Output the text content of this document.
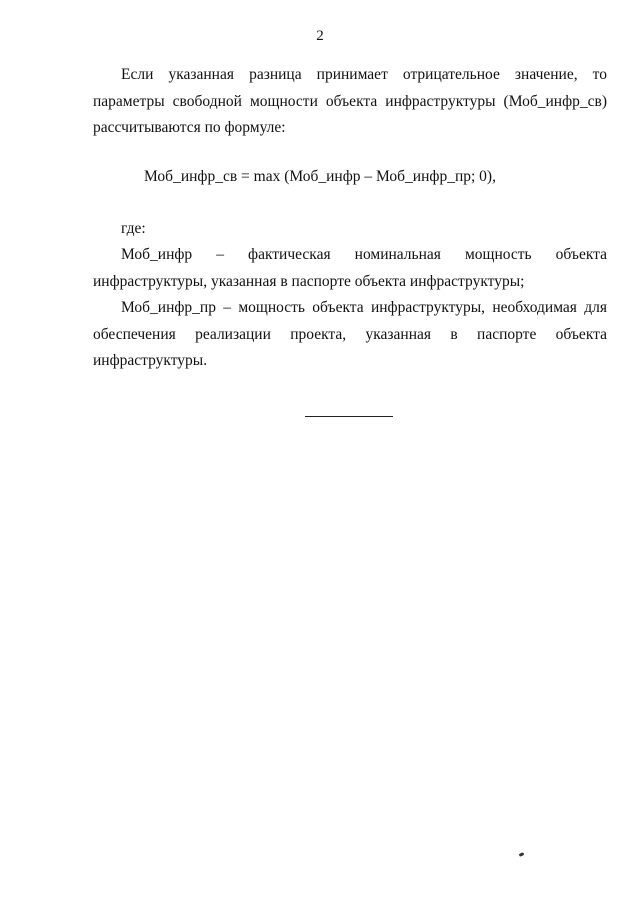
2

Если указанная разница принимает отрицательное значение, то параметры свободной мощности объекта инфраструктуры (Моб_инфр_св) рассчитываются по формуле:

Моб_инфр_св = max (Моб_инфр – Моб_инфр_пр; 0),
где:

Моб_инфр – фактическая номинальная мощность объекта инфраструктуры, указанная в паспорте объекта инфраструктуры;

Моб_инфр_пр – мощность объекта инфраструктуры, необходимая для обеспечения реализации проекта, указанная в паспорте объекта инфраструктуры.
